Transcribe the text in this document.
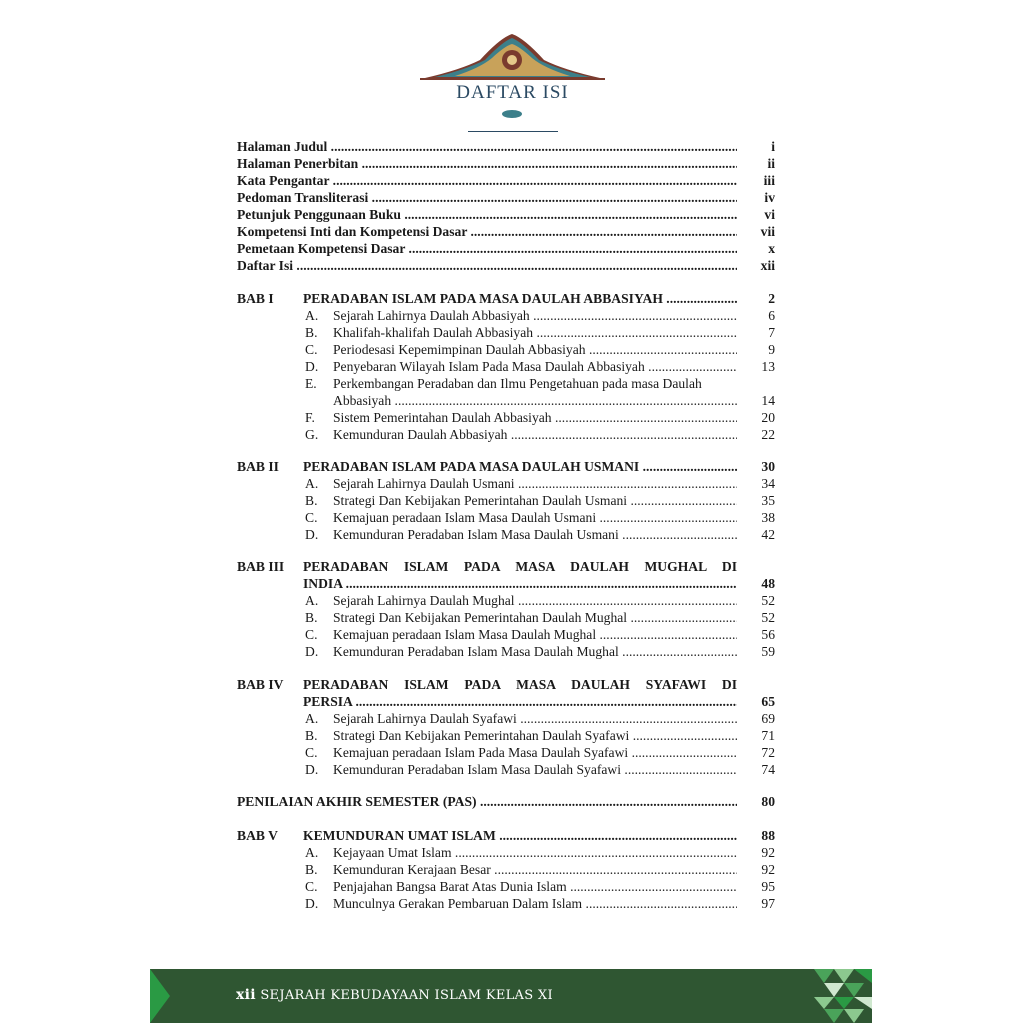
DAFTAR ISI
Halaman Judul .....	i
Halaman Penerbitan .....	ii
Kata Pengantar .....	iii
Pedoman Transliterasi .....	iv
Petunjuk Penggunaan Buku .....	vi
Kompetensi Inti dan Kompetensi Dasar .....	vii
Pemetaan Kompetensi Dasar .....	x
Daftar Isi .....	xii
BAB I PERADABAN ISLAM PADA MASA DAULAH ABBASIYAH .....	2
A. Sejarah Lahirnya Daulah Abbasiyah .....	6
B. Khalifah-khalifah Daulah Abbasiyah .....	7
C. Periodesasi Kepemimpinan Daulah Abbasiyah .....	9
D. Penyebaran Wilayah Islam Pada Masa Daulah Abbasiyah .....	13
E. Perkembangan Peradaban dan Ilmu Pengetahuan pada masa Daulah
Abbasiyah .....	14
F. Sistem Pemerintahan Daulah Abbasiyah .....	20
G. Kemunduran Daulah Abbasiyah .....	22
BAB II PERADABAN ISLAM PADA MASA DAULAH USMANI .....	30
A. Sejarah Lahirnya Daulah Usmani .....	34
B. Strategi Dan Kebijakan Pemerintahan Daulah Usmani .....	35
C. Kemajuan peradaan Islam Masa Daulah Usmani .....	38
D. Kemunduran Peradaban Islam Masa Daulah Usmani .....	42
BAB III PERADABAN ISLAM PADA MASA DAULAH MUGHAL DI
INDIA .....	48
A. Sejarah Lahirnya Daulah Mughal .....	52
B. Strategi Dan Kebijakan Pemerintahan Daulah Mughal .....	52
C. Kemajuan peradaan Islam Masa Daulah Mughal .....	56
D. Kemunduran Peradaban Islam Masa Daulah Mughal .....	59
BAB IV PERADABAN ISLAM PADA MASA DAULAH SYAFAWI DI
PERSIA .....	65
A. Sejarah Lahirnya Daulah Syafawi .....	69
B. Strategi Dan Kebijakan Pemerintahan Daulah Syafawi .....	71
C. Kemajuan peradaan Islam Pada Masa Daulah Syafawi .....	72
D. Kemunduran Peradaban Islam Masa Daulah Syafawi .....	74
PENILAIAN AKHIR SEMESTER (PAS) .....	80
BAB V KEMUNDURAN UMAT ISLAM .....	88
A. Kejayaan Umat Islam .....	92
B. Kemunduran Kerajaan Besar .....	92
C. Penjajahan Bangsa Barat Atas Dunia Islam .....	95
D. Munculnya Gerakan Pembaruan Dalam Islam .....	97
xii SEJARAH KEBUDAYAAN ISLAM KELAS XI
